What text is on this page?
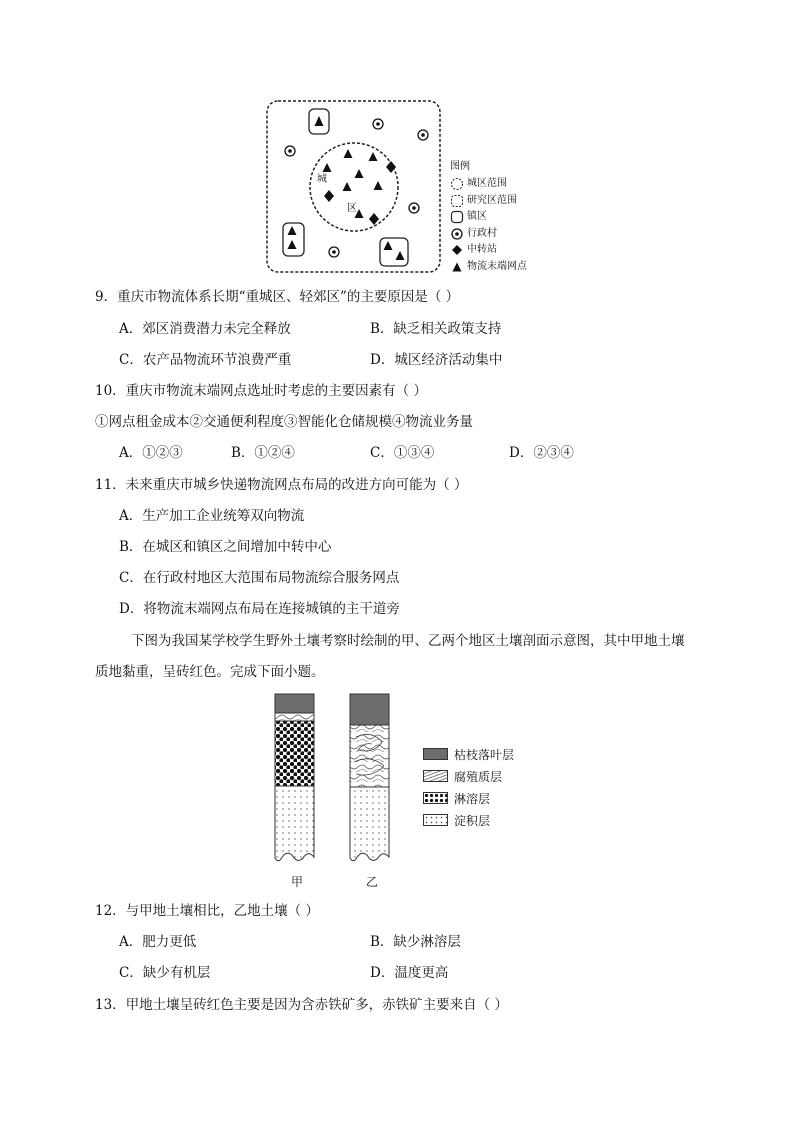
城
区
图例
城区范围
研究区范围
镇区
行政村
中转站
物流末端网点
9．重庆市物流体系长期“重城区、轻郊区”的主要原因是（ ）
A．郊区消费潜力未完全释放	B．缺乏相关政策支持
C．农产品物流环节浪费严重	D．城区经济活动集中
10．重庆市物流末端网点选址时考虑的主要因素有（ ）
①网点租金成本②交通便利程度③智能化仓储规模④物流业务量
A．①②③	B．①②④	C．①③④	D．②③④
11．未来重庆市城乡快递物流网点布局的改进方向可能为（ ）
A．生产加工企业统筹双向物流
B．在城区和镇区之间增加中转中心
C．在行政村地区大范围布局物流综合服务网点
D．将物流末端网点布局在连接城镇的主干道旁
下图为我国某学校学生野外土壤考察时绘制的甲、乙两个地区土壤剖面示意图，其中甲地土壤
质地黏重，呈砖红色。完成下面小题。
甲	乙
枯枝落叶层
腐殖质层
淋溶层
淀积层
12．与甲地土壤相比，乙地土壤（ ）
A．肥力更低	B．缺少淋溶层
C．缺少有机层	D．温度更高
13．甲地土壤呈砖红色主要是因为含赤铁矿多，赤铁矿主要来自（ ）
